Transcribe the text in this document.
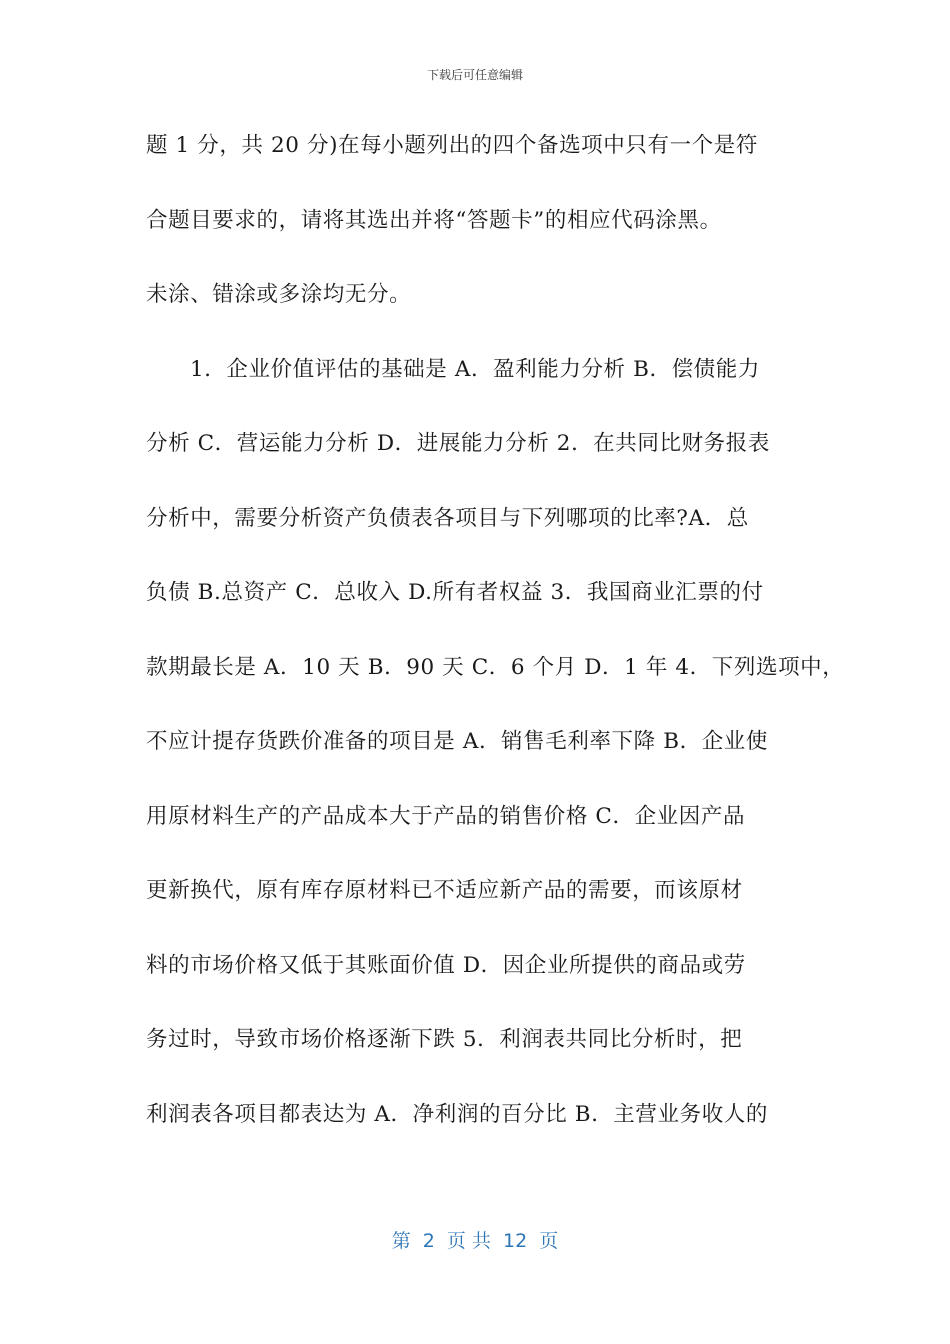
下载后可任意编辑
题 1 分，共 20 分)在每小题列出的四个备选项中只有一个是符
合题目要求的，请将其选出并将“答题卡”的相应代码涂黑。
未涂、错涂或多涂均无分。
1．企业价值评估的基础是 A．盈利能力分析 B．偿债能力
分析 C．营运能力分析 D．进展能力分析 2．在共同比财务报表
分析中，需要分析资产负债表各项目与下列哪项的比率?A．总
负债 B.总资产 C．总收入 D.所有者权益 3．我国商业汇票的付
款期最长是 A．10 天 B．90 天 C．6 个月 D．1 年 4．下列选项中，
不应计提存货跌价准备的项目是 A．销售毛利率下降 B．企业使
用原材料生产的产品成本大于产品的销售价格 C．企业因产品
更新换代，原有库存原材料已不适应新产品的需要，而该原材
料的市场价格又低于其账面价值 D．因企业所提供的商品或劳
务过时，导致市场价格逐渐下跌 5．利润表共同比分析时，把
利润表各项目都表达为 A．净利润的百分比 B．主营业务收人的
第  2  页 共  12  页
